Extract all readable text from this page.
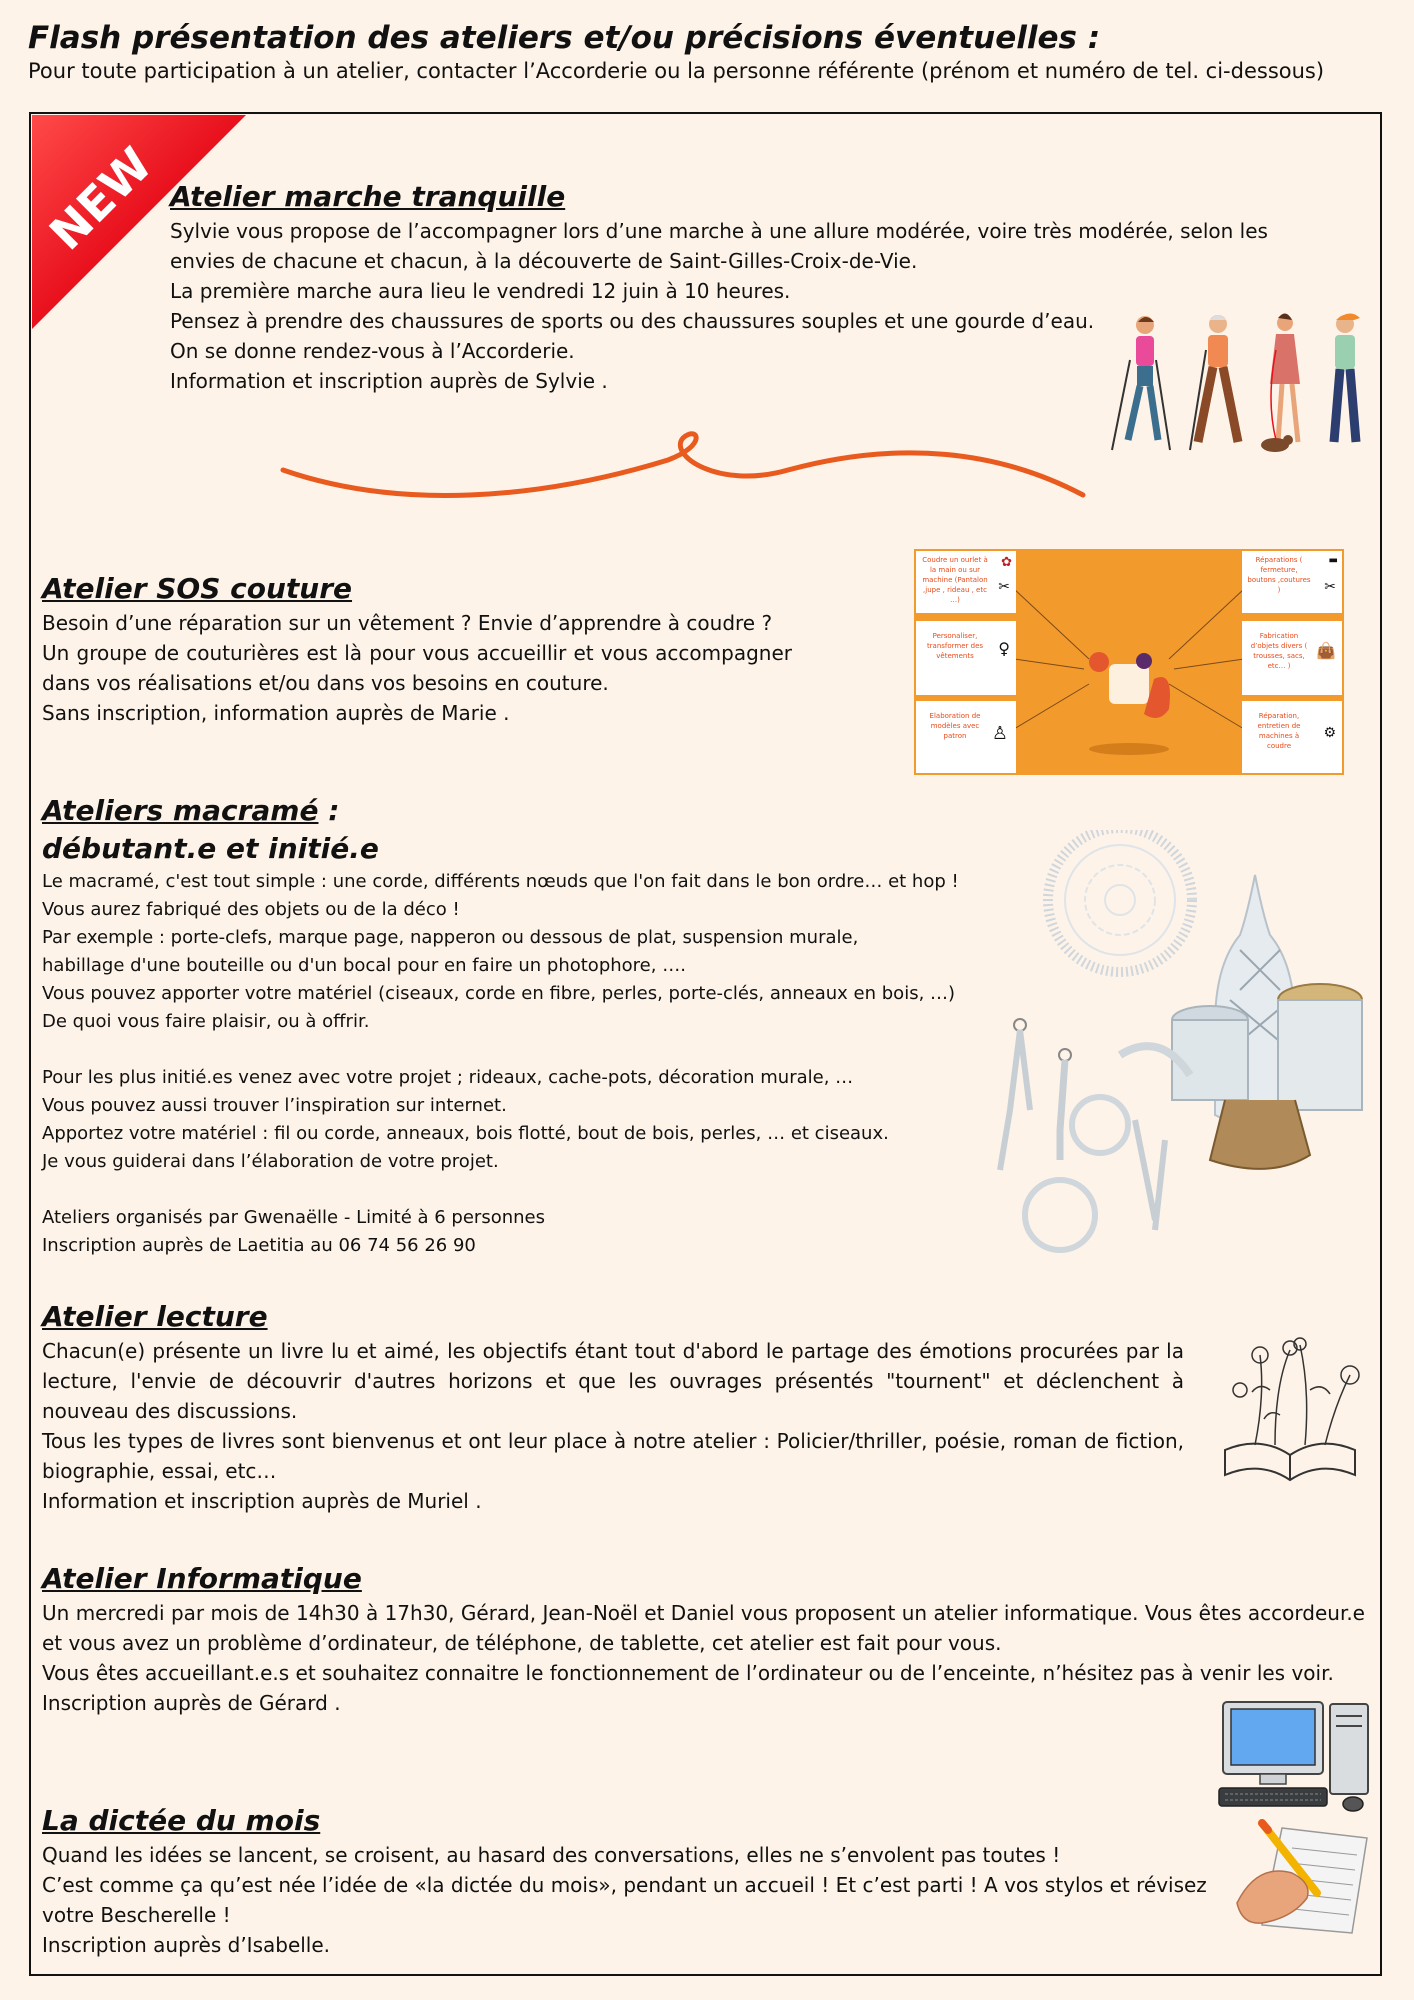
Flash présentation des ateliers et/ou précisions éventuelles :

Pour toute participation à un atelier, contacter l’Accorderie ou la personne référente (prénom et numéro de tel. ci-dessous)

NEW Atelier marche tranquille

Sylvie vous propose de l’accompagner lors d’une marche à une allure modérée, voire très modérée, selon les

envies de chacune et chacun, à la découverte de Saint-Gilles-Croix-de-Vie.

La première marche aura lieu le vendredi 12 juin à 10 heures.

Pensez à prendre des chaussures de sports ou des chaussures souples et une gourde d’eau.

On se donne rendez-vous à l’Accorderie.

Information et inscription auprès de Sylvie .

Atelier SOS couture

Besoin d’une réparation sur un vêtement ? Envie d’apprendre à coudre ?

Un groupe de couturières est là pour vous accueillir et vous accompagner dans vos réalisations et/ou dans vos besoins en couture.

Sans inscription, information auprès de Marie .

Coudre un ourlet à la main ou sur machine (Pantalon ,jupe , rideau , etc …)
✿
✂
Personaliser, transformer des vêtements	♀
Elaboration de modèles avec patron	♙
Réparations ( fermeture, boutons ,coutures )
▬
✂
Fabrication d’objets divers ( trousses, sacs, etc… )
👜
Réparation, entretien de machines à coudre
⚙

Ateliers macramé :

débutant.e et initié.e

Le macramé, c'est tout simple : une corde, différents nœuds que l'on fait dans le bon ordre… et hop !

Vous aurez fabriqué des objets ou de la déco !

Par exemple : porte-clefs, marque page, napperon ou dessous de plat, suspension murale,

habillage d'une bouteille ou d'un bocal pour en faire un photophore, ….

Vous pouvez apporter votre matériel (ciseaux, corde en fibre, perles, porte-clés, anneaux en bois, …)

De quoi vous faire plaisir, ou à offrir.

Pour les plus initié.es venez avec votre projet ; rideaux, cache-pots, décoration murale, …

Vous pouvez aussi trouver l’inspiration sur internet.

Apportez votre matériel : fil ou corde, anneaux, bois flotté, bout de bois, perles, … et ciseaux.

Je vous guiderai dans l’élaboration de votre projet.

Ateliers organisés par Gwenaëlle - Limité à 6 personnes

Inscription auprès de Laetitia au 06 74 56 26 90

Atelier lecture

Chacun(e) présente un livre lu et aimé, les objectifs étant tout d'abord le partage des émotions procurées par la lecture, l'envie de découvrir d'autres horizons et que les ouvrages présentés "tournent" et déclenchent à nouveau des discussions.

Tous les types de livres sont bienvenus et ont leur place à notre atelier : Policier/thriller, poésie, roman de fiction, biographie, essai, etc…

Information et inscription auprès de Muriel .

Atelier Informatique

Un mercredi par mois de 14h30 à 17h30, Gérard, Jean-Noël et Daniel vous proposent un atelier informatique. Vous êtes accordeur.e et vous avez un problème d’ordinateur, de téléphone, de tablette, cet atelier est fait pour vous.

Vous êtes accueillant.e.s et souhaitez connaitre le fonctionnement de l’ordinateur ou de l’enceinte, n’hésitez pas à venir les voir.

Inscription auprès de Gérard .

La dictée du mois

Quand les idées se lancent, se croisent, au hasard des conversations, elles ne s’envolent pas toutes !

C’est comme ça qu’est née l’idée de «la dictée du mois», pendant un accueil ! Et c’est parti ! A vos stylos et révisez

votre Bescherelle !

Inscription auprès d’Isabelle.
